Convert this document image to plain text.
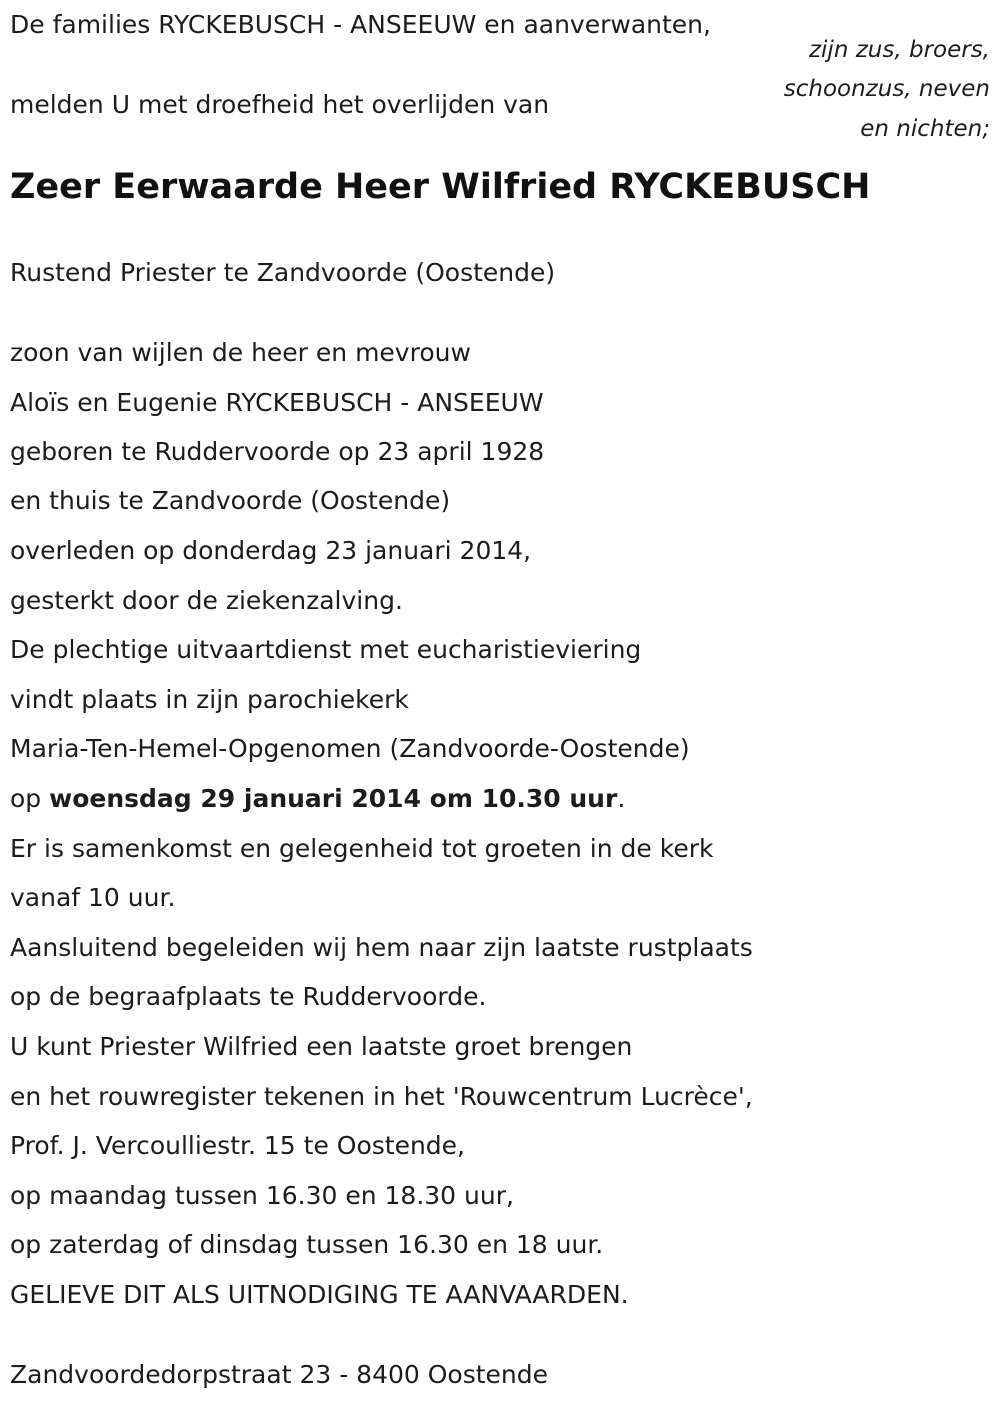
De families RYCKEBUSCH - ANSEEUW en aanverwanten,

zijn zus, broers,

schoonzus, neven

en nichten;

melden U met droefheid het overlijden van

Zeer Eerwaarde Heer Wilfried RYCKEBUSCH

Rustend Priester te Zandvoorde (Oostende)

zoon van wijlen de heer en mevrouw

Aloïs en Eugenie RYCKEBUSCH - ANSEEUW

geboren te Ruddervoorde op 23 april 1928

en thuis te Zandvoorde (Oostende)

overleden op donderdag 23 januari 2014,

gesterkt door de ziekenzalving.

De plechtige uitvaartdienst met eucharistieviering

vindt plaats in zijn parochiekerk

Maria-Ten-Hemel-Opgenomen (Zandvoorde-Oostende)

op woensdag 29 januari 2014 om 10.30 uur.

Er is samenkomst en gelegenheid tot groeten in de kerk

vanaf 10 uur.

Aansluitend begeleiden wij hem naar zijn laatste rustplaats

op de begraafplaats te Ruddervoorde.

U kunt Priester Wilfried een laatste groet brengen

en het rouwregister tekenen in het 'Rouwcentrum Lucrèce',

Prof. J. Vercoulliestr. 15 te Oostende,

op maandag tussen 16.30 en 18.30 uur,

op zaterdag of dinsdag tussen 16.30 en 18 uur.

GELIEVE DIT ALS UITNODIGING TE AANVAARDEN.

Zandvoordedorpstraat 23 - 8400 Oostende
